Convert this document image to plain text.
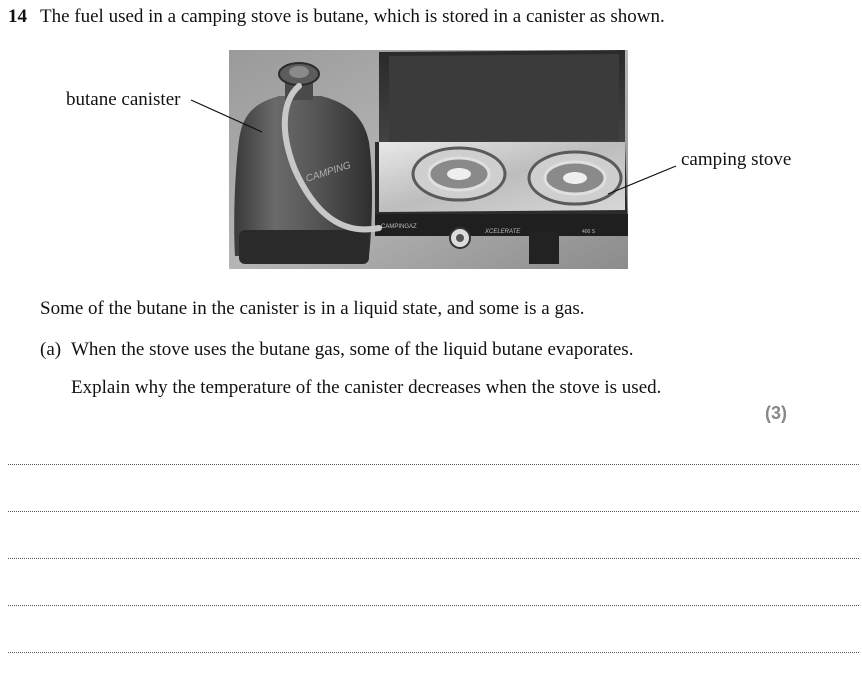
14 The fuel used in a camping stove is butane, which is stored in a canister as shown.
butane canister
camping stove
CAMPINGAZ
XCELERATE	400 S
CAMPING
Some of the butane in the canister is in a liquid state, and some is a gas.
(a) When the stove uses the butane gas, some of the liquid butane evaporates.
Explain why the temperature of the canister decreases when the stove is used.
(3)
